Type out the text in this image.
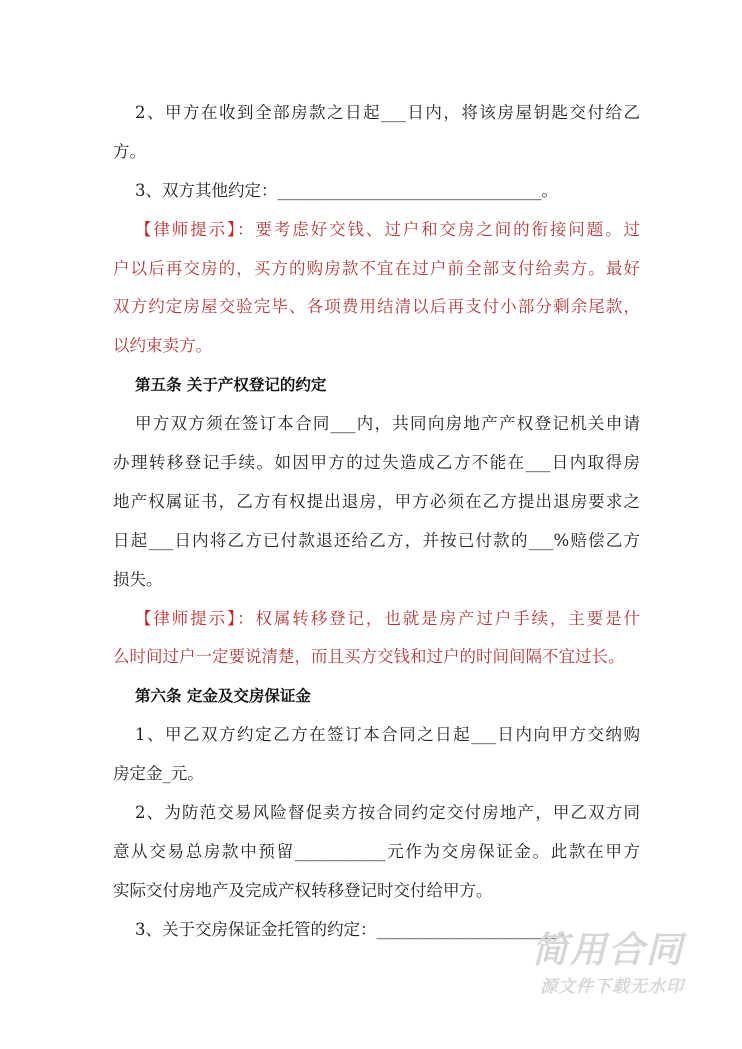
2、甲方在收到全部房款之日起___日内，将该房屋钥匙交付给乙
方。
3、双方其他约定：________________________________。
【律师提示】：要考虑好交钱、过户和交房之间的衔接问题。过
户以后再交房的，买方的购房款不宜在过户前全部支付给卖方。最好
双方约定房屋交验完毕、各项费用结清以后再支付小部分剩余尾款，
以约束卖方。
第五条 关于产权登记的约定
甲方双方须在签订本合同___内，共同向房地产产权登记机关申请
办理转移登记手续。如因甲方的过失造成乙方不能在___日内取得房
地产权属证书，乙方有权提出退房，甲方必须在乙方提出退房要求之
日起___日内将乙方已付款退还给乙方，并按已付款的___%赔偿乙方
损失。
【律师提示】：权属转移登记，也就是房产过户手续，主要是什
么时间过户一定要说清楚，而且买方交钱和过户的时间间隔不宜过长。
第六条 定金及交房保证金
1、甲乙双方约定乙方在签订本合同之日起___日内向甲方交纳购
房定金_元。
2、为防范交易风险督促卖方按合同约定交付房地产，甲乙双方同
意从交易总房款中预留___________元作为交房保证金。此款在甲方
实际交付房地产及完成产权转移登记时交付给甲方。
3、关于交房保证金托管的约定：______________________。
简用合同
源文件下载无水印
